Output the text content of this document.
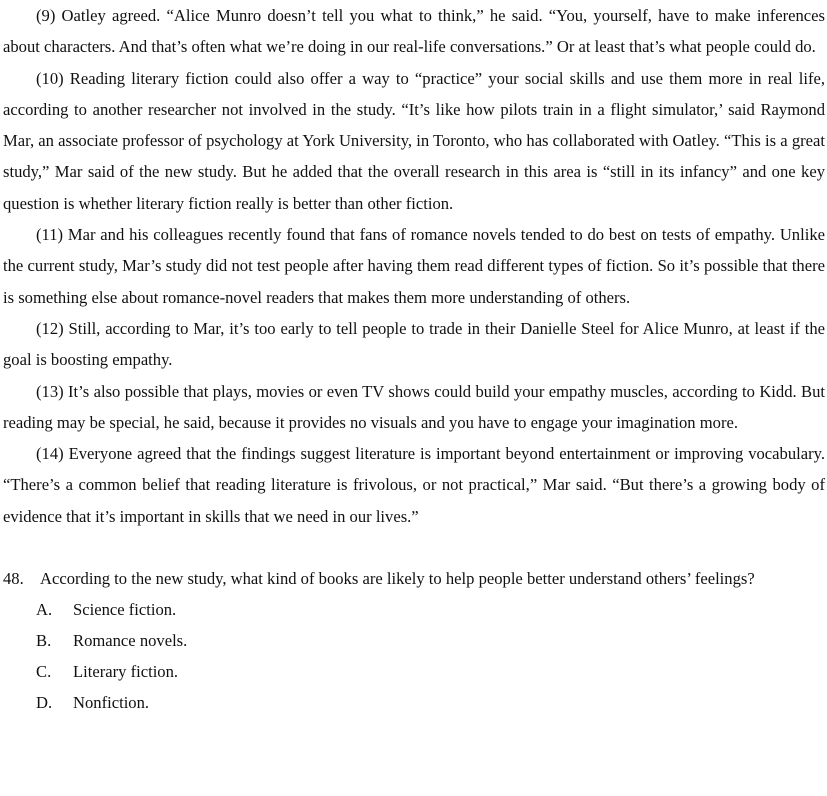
(9) Oatley agreed. “Alice Munro doesn’t tell you what to think,” he said. “You, yourself, have to make inferences about characters. And that’s often what we’re doing in our real-life conversations.” Or at least that’s what people could do.

(10) Reading literary fiction could also offer a way to “practice” your social skills and use them more in real life, according to another researcher not involved in the study. “It’s like how pilots train in a flight simulator,’ said Raymond Mar, an associate professor of psychology at York University, in Toronto, who has collaborated with Oatley. “This is a great study,” Mar said of the new study. But he added that the overall research in this area is “still in its infancy” and one key question is whether literary fiction really is better than other fiction.

(11) Mar and his colleagues recently found that fans of romance novels tended to do best on tests of empathy. Unlike the current study, Mar’s study did not test people after having them read different types of fiction. So it’s possible that there is something else about romance-novel readers that makes them more understanding of others.

(12) Still, according to Mar, it’s too early to tell people to trade in their Danielle Steel for Alice Munro, at least if the goal is boosting empathy.

(13) It’s also possible that plays, movies or even TV shows could build your empathy muscles, according to Kidd. But reading may be special, he said, because it provides no visuals and you have to engage your imagination more.

(14) Everyone agreed that the findings suggest literature is important beyond entertainment or improving vocabulary. “There’s a common belief that reading literature is frivolous, or not practical,” Mar said. “But there’s a growing body of evidence that it’s important in skills that we need in our lives.”

48. According to the new study, what kind of books are likely to help people better understand others’ feelings?

A. Science fiction.
B. Romance novels.
C. Literary fiction.
D. Nonfiction.
